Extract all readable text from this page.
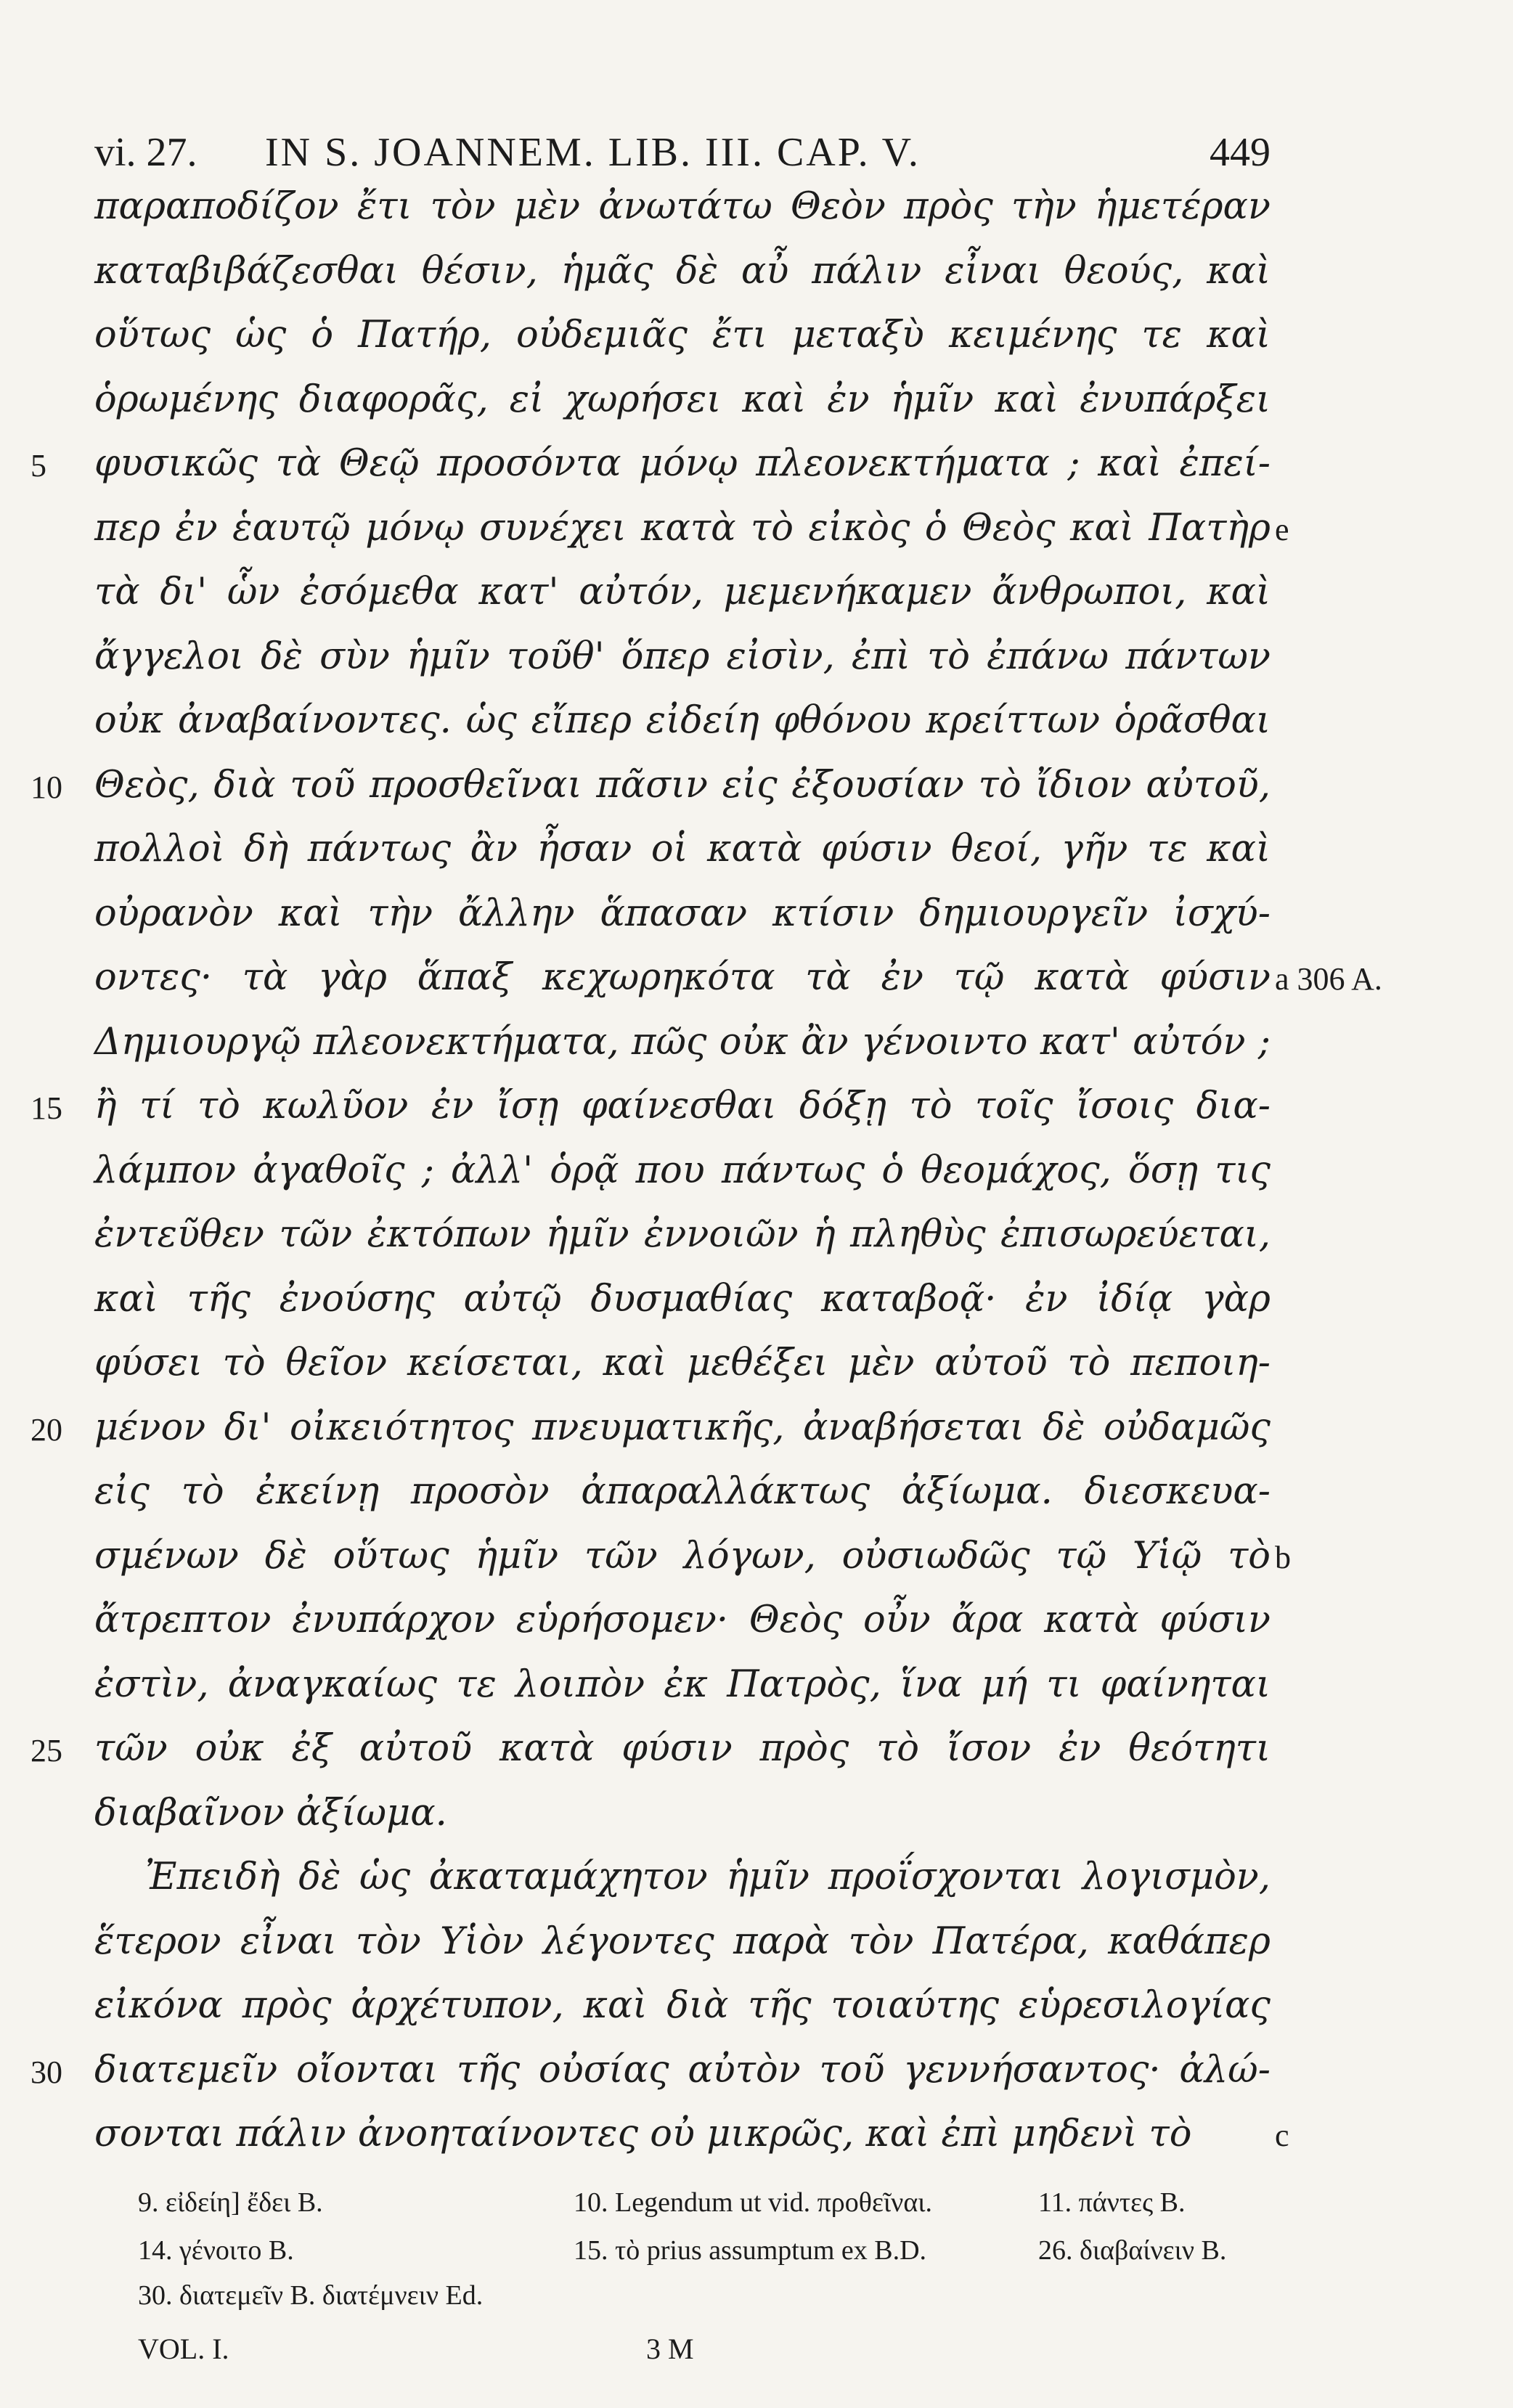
vi. 27. IN S. JOANNEM. LIB. III. CAP. V.	449
παραποδίζον ἔτι τὸν μὲν ἀνωτάτω Θεὸν πρὸς τὴν ἡμετέραν
καταβιβάζεσθαι θέσιν, ἡμᾶς δὲ αὖ πάλιν εἶναι θεούς, καὶ
οὕτως ὡς ὁ Πατήρ, οὐδεμιᾶς ἔτι μεταξὺ κειμένης τε καὶ
ὁρωμένης διαφορᾶς, εἰ χωρήσει καὶ ἐν ἡμῖν καὶ ἐνυπάρξει
5	φυσικῶς τὰ Θεῷ προσόντα μόνῳ πλεονεκτήματα ; καὶ ἐπεί-
περ ἐν ἑαυτῷ μόνῳ συνέχει κατὰ τὸ εἰκὸς ὁ Θεὸς καὶ Πατὴρ e
τὰ δι' ὧν ἐσόμεθα κατ' αὐτόν, μεμενήκαμεν ἄνθρωποι, καὶ
ἄγγελοι δὲ σὺν ἡμῖν τοῦθ' ὅπερ εἰσὶν, ἐπὶ τὸ ἐπάνω πάντων
οὐκ ἀναβαίνοντες. ὡς εἴπερ εἰδείη φθόνου κρείττων ὁρᾶσθαι
10 Θεὸς, διὰ τοῦ προσθεῖναι πᾶσιν εἰς ἐξουσίαν τὸ ἴδιον αὐτοῦ,
πολλοὶ δὴ πάντως ἂν ἦσαν οἱ κατὰ φύσιν θεοί, γῆν τε καὶ
οὐρανὸν καὶ τὴν ἄλλην ἅπασαν κτίσιν δημιουργεῖν ἰσχύ-
οντες· τὰ γὰρ ἅπαξ κεχωρηκότα τὰ ἐν τῷ κατὰ φύσιν a 306 A.
Δημιουργῷ πλεονεκτήματα, πῶς οὐκ ἂν γένοιντο κατ' αὐτόν ;
15 ἢ τί τὸ κωλῦον ἐν ἴσῃ φαίνεσθαι δόξῃ τὸ τοῖς ἴσοις δια-
λάμπον ἀγαθοῖς ; ἀλλ' ὁρᾷ που πάντως ὁ θεομάχος, ὅσῃ τις
ἐντεῦθεν τῶν ἐκτόπων ἡμῖν ἐννοιῶν ἡ πληθὺς ἐπισωρεύεται,
καὶ τῆς ἐνούσης αὐτῷ δυσμαθίας καταβοᾷ· ἐν ἰδίᾳ γὰρ
φύσει τὸ θεῖον κείσεται, καὶ μεθέξει μὲν αὐτοῦ τὸ πεποιη-
20 μένον δι' οἰκειότητος πνευματικῆς, ἀναβήσεται δὲ οὐδαμῶς
εἰς τὸ ἐκείνῃ προσὸν ἀπαραλλάκτως ἀξίωμα. διεσκευα-
σμένων δὲ οὕτως ἡμῖν τῶν λόγων, οὐσιωδῶς τῷ Υἱῷ τὸ b
ἄτρεπτον ἐνυπάρχον εὑρήσομεν· Θεὸς οὖν ἄρα κατὰ φύσιν
ἐστὶν, ἀναγκαίως τε λοιπὸν ἐκ Πατρὸς, ἵνα μή τι φαίνηται
25 τῶν οὐκ ἐξ αὐτοῦ κατὰ φύσιν πρὸς τὸ ἴσον ἐν θεότητι
διαβαῖνον ἀξίωμα.
Ἐπειδὴ δὲ ὡς ἀκαταμάχητον ἡμῖν προΐσχονται λογισμὸν,
ἕτερον εἶναι τὸν Υἱὸν λέγοντες παρὰ τὸν Πατέρα, καθάπερ
εἰκόνα πρὸς ἀρχέτυπον, καὶ διὰ τῆς τοιαύτης εὑρεσιλογίας
30 διατεμεῖν οἴονται τῆς οὐσίας αὐτὸν τοῦ γεννήσαντος· ἀλώ-
σονται πάλιν ἀνοηταίνοντες οὐ μικρῶς, καὶ ἐπὶ μηδενὶ τὸ	c
9. εἰδείη] ἔδει B.	10. Legendum ut vid. προθεῖναι.	11. πάντες B.
14. γένοιτο B.	15. τὸ prius assumptum ex B.D.	26. διαβαίνειν B.
30. διατεμεῖν B. διατέμνειν Ed.
VOL. I.	3 M
